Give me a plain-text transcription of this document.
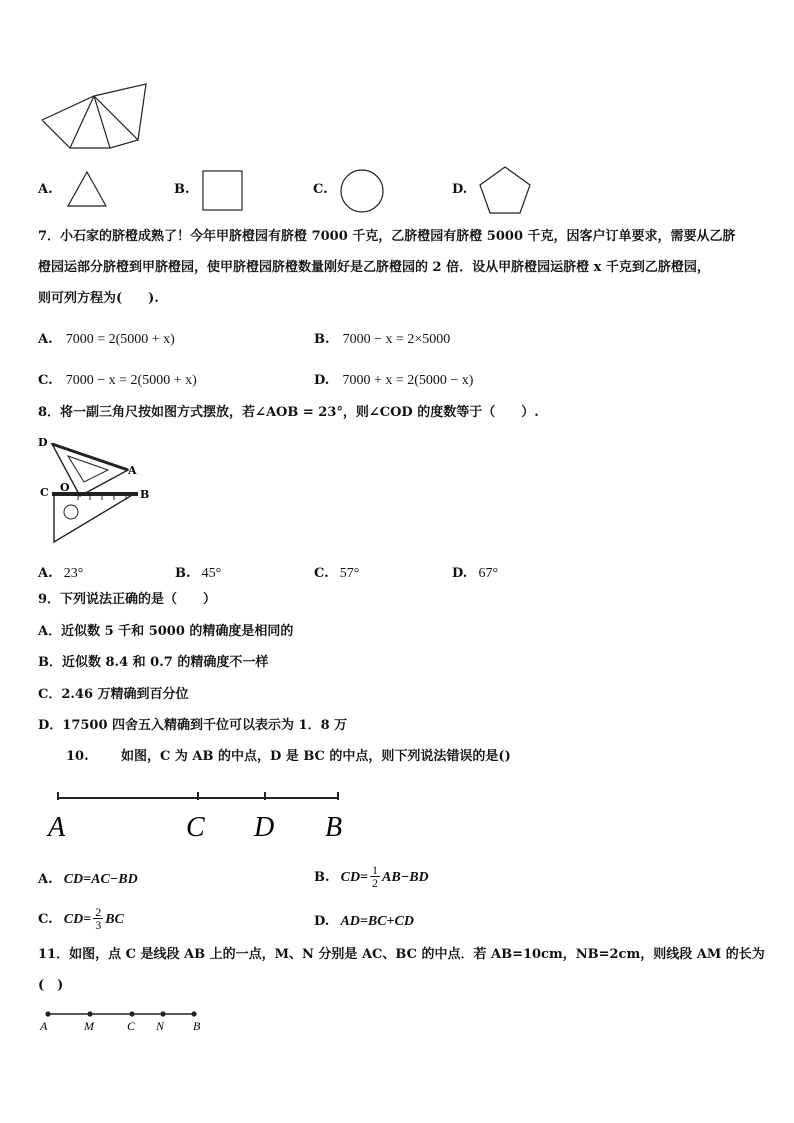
A.	B.	C.	D.
7．小石家的脐橙成熟了！今年甲脐橙园有脐橙 7000 千克，乙脐橙园有脐橙 5000 千克，因客户订单要求，需要从乙脐
橙园运部分脐橙到甲脐橙园，使甲脐橙园脐橙数量刚好是乙脐橙园的 2 倍．设从甲脐橙园运脐橙 x 千克到乙脐橙园，
则可列方程为(　　).
A. 7000 = 2(5000 + x)	B. 7000 − x = 2×5000
C. 7000 − x = 2(5000 + x)	D. 7000 + x = 2(5000 − x)
8．将一副三角尺按如图方式摆放，若∠AOB = 23°，则∠COD 的度数等于（　　）.
D
A
C O
B
A. 23°	B. 45°	C. 57°	D. 67°
9．下列说法正确的是（　　）
A．近似数 5 千和 5000 的精确度是相同的
B．近似数 8.4 和 0.7 的精确度不一样
C．2.46 万精确到百分位
D．17500 四舍五入精确到千位可以表示为 1．8 万
10. 如图，C 为 AB 的中点，D 是 BC 的中点，则下列说法错误的是()
A	C D B
A. CD=AC−BD	B. $CD= \frac{1}{2} AB-BD$
C. $CD= \frac{2}{3}$ BC	D. AD=BC+CD
11．如图，点 C 是线段 AB 上的一点，M、N 分别是 AC、BC 的中点．若 AB=10cm，NB=2cm，则线段 AM 的长为
(　)
A	M	C N B
